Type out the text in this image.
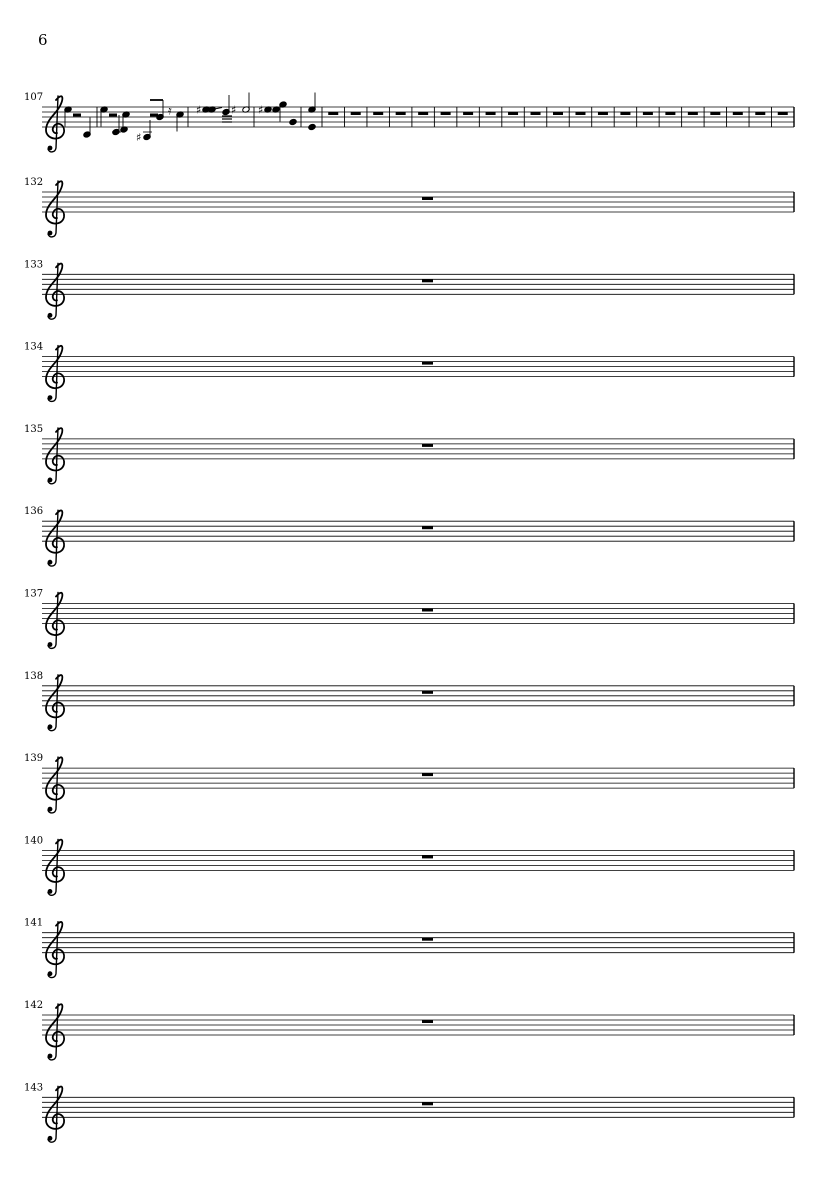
6
107
♯
𝄿 ♯	♯ ♯
132
133
134
135
136
137
138
139
140
141
142
143
